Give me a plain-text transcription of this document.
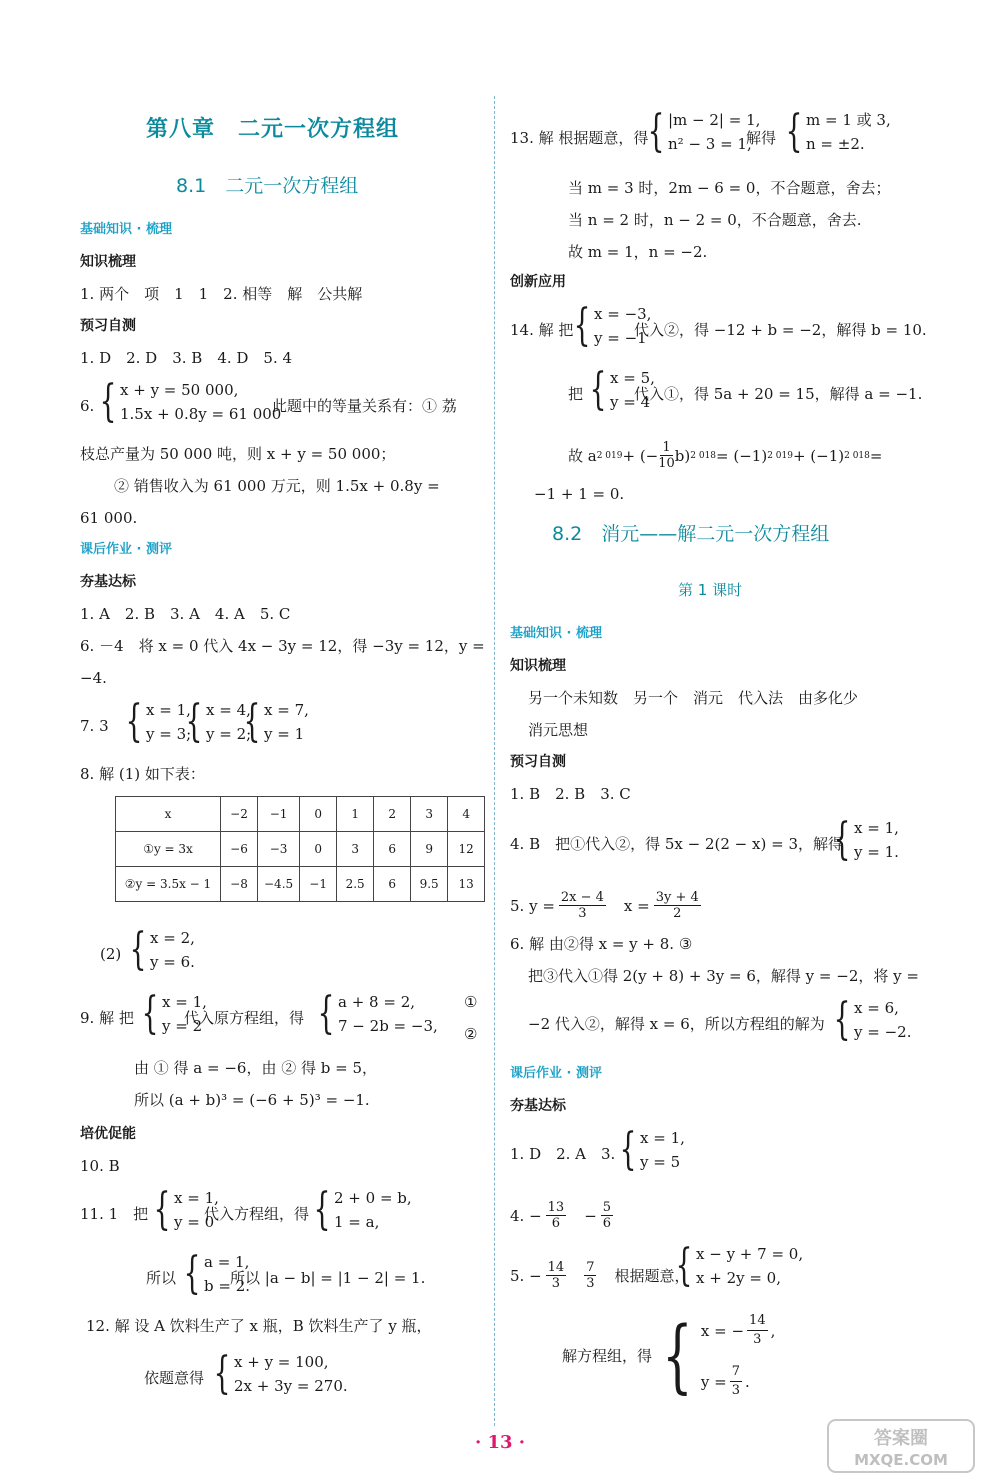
第八章　二元一次方程组
8.1　二元一次方程组
基础知识 · 梳理
知识梳理
1. 两个　项　1　1　2. 相等　解　公共解
预习自测
1. D　2. D　3. B　4. D　5. 4
6. { x + y = 50 000,
1.5x + 0.8y = 61 000
此题中的等量关系有：① 荔
枝总产量为 50 000 吨，则 x + y = 50 000；
② 销售收入为 61 000 万元，则 1.5x + 0.8y =
61 000.
课后作业 · 测评
夯基达标
1. A　2. B　3. A　4. A　5. C
6. －4　将 x = 0 代入 4x − 3y = 12，得 −3y = 12，y =
−4.
7. 3 { x = 1,
y = 3;
{ x = 4,
y = 2;
{ x = 7,
y = 1
8. 解 (1) 如下表：
(2) { x = 2,
y = 6.
9. 解 把 { x = 1,
y = 2
代入原方程组，得 { a + 8 = 2,
7 − 2b = −3,
①
②
由 ① 得 a = −6，由 ② 得 b = 5，
所以 (a + b)³ = (−6 + 5)³ = −1.
培优促能
10. B
11. 1　把 { x = 1,
y = 0
代入方程组，得 { 2 + 0 = b,
1 = a,
所以 { a = 1,
b = 2.
所以 |a − b| = |1 − 2| = 1.
12. 解 设 A 饮料生产了 x 瓶，B 饮料生产了 y 瓶，
依题意得 { x + y = 100,
2x + 3y = 270.
x	−2	−1	0	1	2	3	4
①y = 3x	−6	−3	0	3	6	9	12
②y = 3.5x − 1	−8	−4.5	−1	2.5	6	9.5	13
13. 解 根据题意，得 { |m − 2| = 1,
n² − 3 = 1,
解得 { m = 1 或 3,
n = ±2.
当 m = 3 时，2m − 6 = 0，不合题意，舍去；
当 n = 2 时，n − 2 = 0，不合题意，舍去.
故 m = 1，n = −2.
创新应用
14. 解 把 { x = −3,
y = −1
代入②，得 −12 + b = −2，解得 b = 10.
把 { x = 5,
y = 4
代入①，得 5a + 20 = 15，解得 a = −1.
故 a 2 019 + (− $\frac{1}{10} b$) 2 018 = (−1) 2 019 + (−1) 2 018 =
−1 + 1 = 0.
8.2　消元——解二元一次方程组
第 1 课时
基础知识 · 梳理
知识梳理
另一个未知数　另一个　消元　代入法　由多化少
消元思想
预习自测
1. B　2. B　3. C
4. B　把①代入②，得 5x − 2(2 − x) = 3，解得
{ x = 1,
y = 1.
5. $y = \frac{2x - 4}{3}$ $x = \frac{3y + 4}{2}$
6. 解 由②得 x = y + 8. ③
把③代入①得 2(y + 8) + 3y = 6，解得 y = −2，将 y =
−2 代入②，解得 x = 6，所以方程组的解为 { x = 6,
y = −2.
课后作业 · 测评
夯基达标
1. D　2. A　3. { x = 1,
y = 5
4. − $\frac{13}{6} - \frac{5}{6}$
5. − $\frac{14}{3} \frac{7}{3}$ 根据题意，
{ x − y + 7 = 0,
x + 2y = 0,
解方程组，得 { x = − $\frac{14}{3}$ ,
$y = \frac{7}{3}$ .
· 13 ·	答案圈
MXQE.COM
